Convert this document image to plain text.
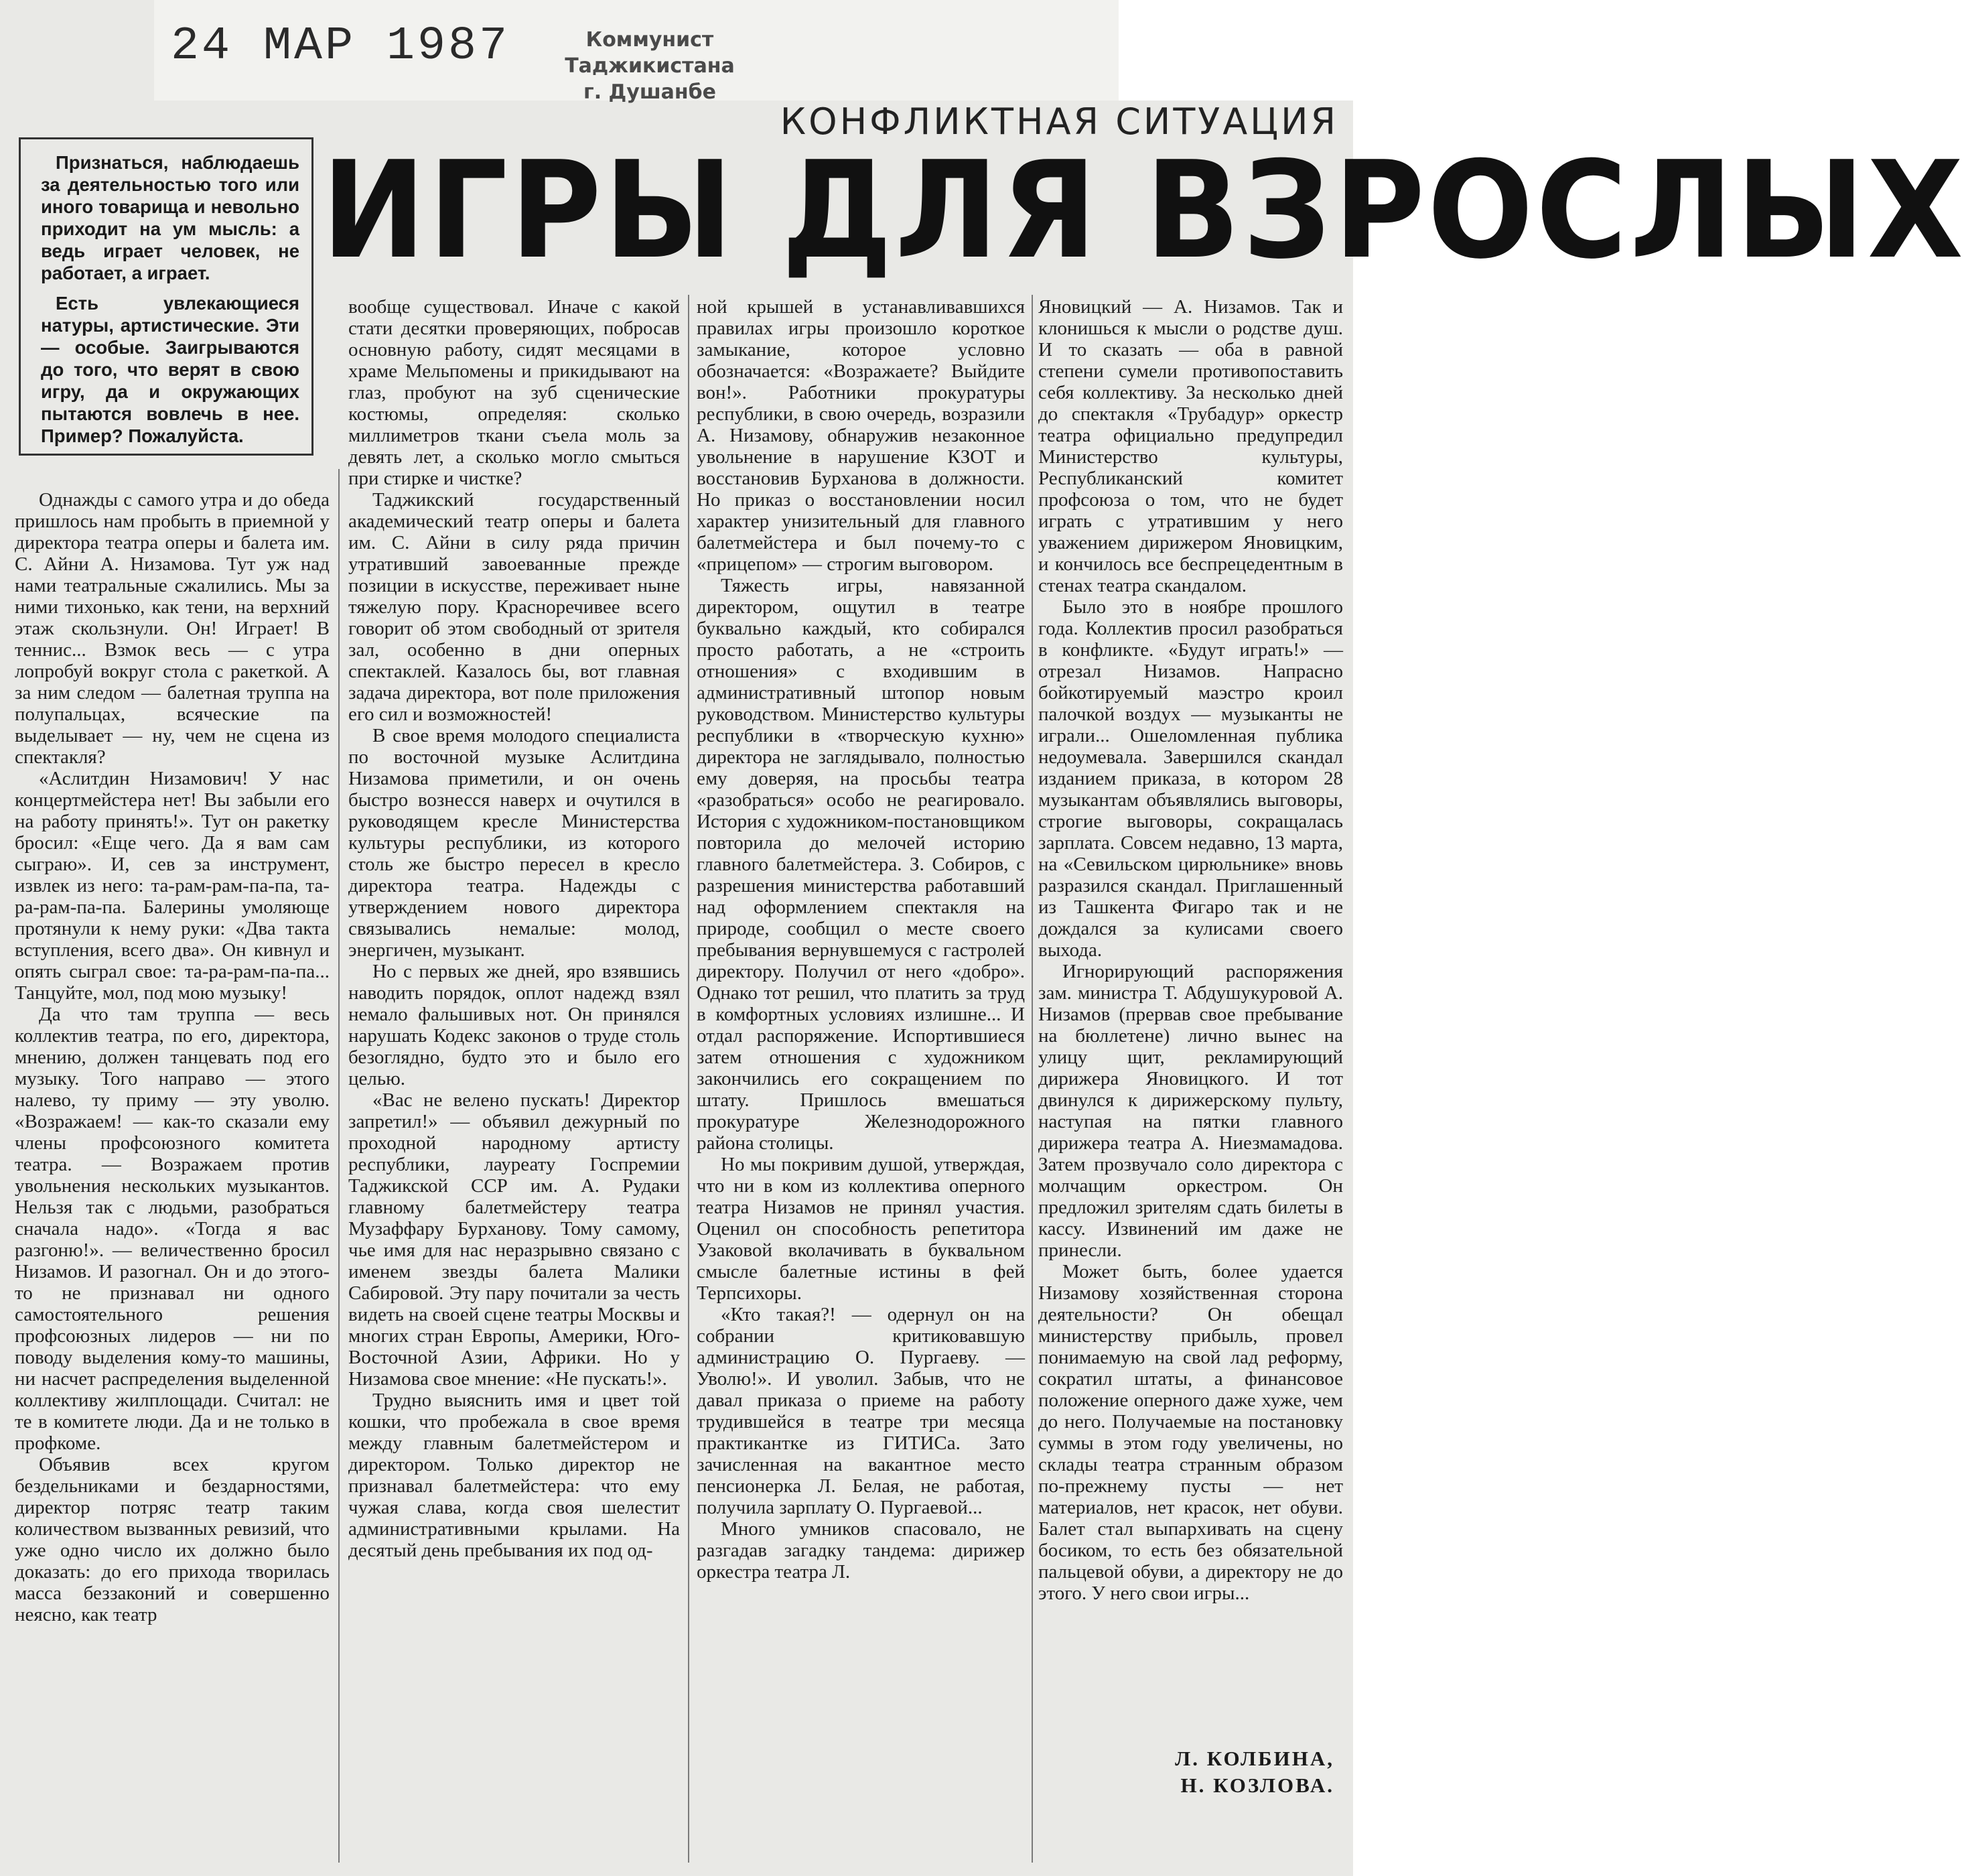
24 МАР 1987	Коммунист Таджикистана
г. Душанбе
КОНФЛИКТНАЯ СИТУАЦИЯ
ИГРЫ ДЛЯ ВЗРОСЛЫХ

Признаться, наблюдаешь за деятельностью того или иного товарища и невольно приходит на ум мысль: а ведь играет человек, не работает, а играет.

Есть увлекающиеся натуры, артистические. Эти — особые. Заигрываются до того, что верят в свою игру, да и окружающих пытаются вовлечь в нее. Пример? Пожалуйста.

Однажды с самого утра и до обеда пришлось нам пробыть в приемной у директора театра оперы и балета им. С. Айни А. Низамова. Тут уж над нами театральные сжалились. Мы за ними тихонько, как тени, на верхний этаж скользнули. Он! Играет! В теннис... Взмок весь — с утра лопробуй вокруг стола с ракеткой. А за ним следом — балетная труппа на полупальцах, всяческие па выделывает — ну, чем не сцена из спектакля?

«Аслитдин Низамович! У нас концертмейстера нет! Вы забыли его на работу принять!». Тут он ракетку бросил: «Еще чего. Да я вам сам сыграю». И, сев за инструмент, извлек из него: та-рам-рам-па-па, та-ра-рам-па-па. Балерины умоляюще протянули к нему руки: «Два такта вступления, всего два». Он кивнул и опять сыграл свое: та-ра-рам-па-па... Танцуйте, мол, под мою музыку!

Да что там труппа — весь коллектив театра, по его, директора, мнению, должен танцевать под его музыку. Того направо — этого налево, ту приму — эту уволю. «Возражаем! — как-то сказали ему члены профсоюзного комитета театра. — Возражаем против увольнения нескольких музыкантов. Нельзя так с людьми, разобраться сначала надо». «Тогда я вас разгоню!». — величественно бросил Низамов. И разогнал. Он и до этого-то не признавал ни одного самостоятельного решения профсоюзных лидеров — ни по поводу выделения кому-то машины, ни насчет распределения выделенной коллективу жилплощади. Считал: не те в комитете люди. Да и не только в профкоме.

Объявив всех кругом бездельниками и бездарностями, директор потряс театр таким количеством вызванных ревизий, что уже одно число их должно было доказать: до его прихода творилась масса беззаконий и совершенно неясно, как театр

вообще существовал. Иначе с какой стати десятки проверяющих, побросав основную работу, сидят месяцами в храме Мельпомены и прикидывают на глаз, пробуют на зуб сценические костюмы, определяя: сколько миллиметров ткани съела моль за девять лет, а сколько могло смыться при стирке и чистке?

Таджикский государственный академический театр оперы и балета им. С. Айни в силу ряда причин утративший завоеванные прежде позиции в искусстве, переживает ныне тяжелую пору. Красноречивее всего говорит об этом свободный от зрителя зал, особенно в дни оперных спектаклей. Казалось бы, вот главная задача директора, вот поле приложения его сил и возможностей!

В свое время молодого специалиста по восточной музыке Аслитдина Низамова приметили, и он очень быстро вознесся наверх и очутился в руководящем кресле Министерства культуры республики, из которого столь же быстро пересел в кресло директора театра. Надежды с утверждением нового директора связывались немалые: молод, энергичен, музыкант.

Но с первых же дней, яро взявшись наводить порядок, оплот надежд взял немало фальшивых нот. Он принялся нарушать Кодекс законов о труде столь безоглядно, будто это и было его целью.

«Вас не велено пускать! Директор запретил!» — объявил дежурный по проходной народному артисту республики, лауреату Госпремии Таджикской ССР им. А. Рудаки главному балетмейстеру театра Музаффару Бурханову. Тому самому, чье имя для нас неразрывно связано с именем звезды балета Малики Сабировой. Эту пару почитали за честь видеть на своей сцене театры Москвы и многих стран Европы, Америки, Юго-Восточной Азии, Африки. Но у Низамова свое мнение: «Не пускать!».

Трудно выяснить имя и цвет той кошки, что пробежала в свое время между главным балетмейстером и директором. Только директор не признавал балетмейстера: что ему чужая слава, когда своя шелестит административными крылами. На десятый день пребывания их под од-

ной крышей в устанавливавшихся правилах игры произошло короткое замыкание, которое условно обозначается: «Возражаете? Выйдите вон!». Работники прокуратуры республики, в свою очередь, возразили А. Низамову, обнаружив незаконное увольнение в нарушение КЗОТ и восстановив Бурханова в должности. Но приказ о восстановлении носил характер унизительный для главного балетмейстера и был почему-то с «прицепом» — строгим выговором.

Тяжесть игры, навязанной директором, ощутил в театре буквально каждый, кто собирался просто работать, а не «строить отношения» с входившим в административный штопор новым руководством. Министерство культуры республики в «творческую кухню» директора не заглядывало, полностью ему доверяя, на просьбы театра «разобраться» особо не реагировало. История с художником-постановщиком повторила до мелочей историю главного балетмейстера. З. Собиров, с разрешения министерства работавший над оформлением спектакля на природе, сообщил о месте своего пребывания вернувшемуся с гастролей директору. Получил от него «добро». Однако тот решил, что платить за труд в комфортных условиях излишне... И отдал распоряжение. Испортившиеся затем отношения с художником закончились его сокращением по штату. Пришлось вмешаться прокуратуре Железнодорожного района столицы.

Но мы покривим душой, утверждая, что ни в ком из коллектива оперного театра Низамов не принял участия. Оценил он способность репетитора Узаковой вколачивать в буквальном смысле балетные истины в фей Терпсихоры.

«Кто такая?! — одернул он на собрании критиковавшую администрацию О. Пургаеву. — Уволю!». И уволил. Забыв, что не давал приказа о приеме на работу трудившейся в театре три месяца практикантке из ГИТИСа. Зато зачисленная на вакантное место пенсионерка Л. Белая, не работая, получила зарплату О. Пургаевой...

Много умников спасовало, не разгадав загадку тандема: дирижер оркестра театра Л.

Яновицкий — А. Низамов. Так и клонишься к мысли о родстве душ. И то сказать — оба в равной степени сумели противопоставить себя коллективу. За несколько дней до спектакля «Трубадур» оркестр театра официально предупредил Министерство культуры, Республиканский комитет профсоюза о том, что не будет играть с утратившим у него уважением дирижером Яновицким, и кончилось все беспрецедентным в стенах театра скандалом.

Было это в ноябре прошлого года. Коллектив просил разобраться в конфликте. «Будут играть!» — отрезал Низамов. Напрасно бойкотируемый маэстро кроил палочкой воздух — музыканты не играли... Ошеломленная публика недоумевала. Завершился скандал изданием приказа, в котором 28 музыкантам объявлялись выговоры, строгие выговоры, сокращалась зарплата. Совсем недавно, 13 марта, на «Севильском цирюльнике» вновь разразился скандал. Приглашенный из Ташкента Фигаро так и не дождался за кулисами своего выхода.

Игнорирующий распоряжения зам. министра Т. Абдушукуровой А. Низамов (прервав свое пребывание на бюллетене) лично вынес на улицу щит, рекламирующий дирижера Яновицкого. И тот двинулся к дирижерскому пульту, наступая на пятки главного дирижера театра А. Ниезмамадова. Затем прозвучало соло директора с молчащим оркестром. Он предложил зрителям сдать билеты в кассу. Извинений им даже не принесли.

Может быть, более удается Низамову хозяйственная сторона деятельности? Он обещал министерству прибыль, провел понимаемую на свой лад реформу, сократил штаты, а финансовое положение оперного даже хуже, чем до него. Получаемые на постановку суммы в этом году увеличены, но склады театра странным образом по-прежнему пусты — нет материалов, нет красок, нет обуви. Балет стал выпархивать на сцену босиком, то есть без обязательной пальцевой обуви, а директору не до этого. У него свои игры...

Л. КОЛБИНА,
Н. КОЗЛОВА.
